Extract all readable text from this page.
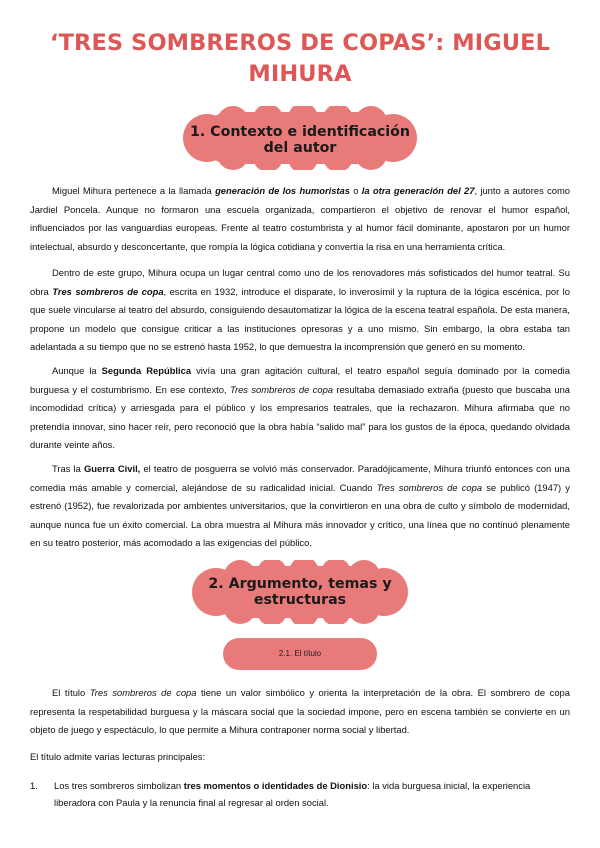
‘TRES SOMBREROS DE COPAS’: MIGUEL MIHURA
1. Contexto e identificación
del autor

Miguel Mihura pertenece a la llamada generación de los humoristas o la otra generación del 27, junto a autores como Jardiel Poncela. Aunque no formaron una escuela organizada, compartieron el objetivo de renovar el humor español, influenciados por las vanguardias europeas. Frente al teatro costumbrista y al humor fácil dominante, apostaron por un humor intelectual, absurdo y desconcertante, que rompía la lógica cotidiana y convertía la risa en una herramienta crítica.

Dentro de este grupo, Mihura ocupa un lugar central como uno de los renovadores más sofisticados del humor teatral. Su obra Tres sombreros de copa, escrita en 1932, introduce el disparate, lo inverosímil y la ruptura de la lógica escénica, por lo que suele vincularse al teatro del absurdo, consiguiendo desautomatizar la lógica de la escena teatral española. De esta manera, propone un modelo que consigue criticar a las instituciones opresoras y a uno mismo. Sin embargo, la obra estaba tan adelantada a su tiempo que no se estrenó hasta 1952, lo que demuestra la incomprensión que generó en su momento.

Aunque la Segunda República vivía una gran agitación cultural, el teatro español seguía dominado por la comedia burguesa y el costumbrismo. En ese contexto, Tres sombreros de copa resultaba demasiado extraña (puesto que buscaba una incomodidad crítica) y arriesgada para el público y los empresarios teatrales, que la rechazaron. Mihura afirmaba que no pretendía innovar, sino hacer reír, pero reconoció que la obra había “salido mal” para los gustos de la época, quedando olvidada durante veinte años.

Tras la Guerra Civil, el teatro de posguerra se volvió más conservador. Paradójicamente, Mihura triunfó entonces con una comedia más amable y comercial, alejándose de su radicalidad inicial. Cuando Tres sombreros de copa se publicó (1947) y estrenó (1952), fue revalorizada por ambientes universitarios, que la convirtieron en una obra de culto y símbolo de modernidad, aunque nunca fue un éxito comercial. La obra muestra al Mihura más innovador y crítico, una línea que no continuó plenamente en su teatro posterior, más acomodado a las exigencias del público.

2. Argumento, temas y
estructuras
2.1. El título

El título Tres sombreros de copa tiene un valor simbólico y orienta la interpretación de la obra. El sombrero de copa representa la respetabilidad burguesa y la máscara social que la sociedad impone, pero en escena también se convierte en un objeto de juego y espectáculo, lo que permite a Mihura contraponer norma social y libertad.

El título admite varias lecturas principales:

1. Los tres sombreros simbolizan tres momentos o identidades de Dionisio: la vida burguesa inicial, la experiencia liberadora con Paula y la renuncia final al regresar al orden social.
